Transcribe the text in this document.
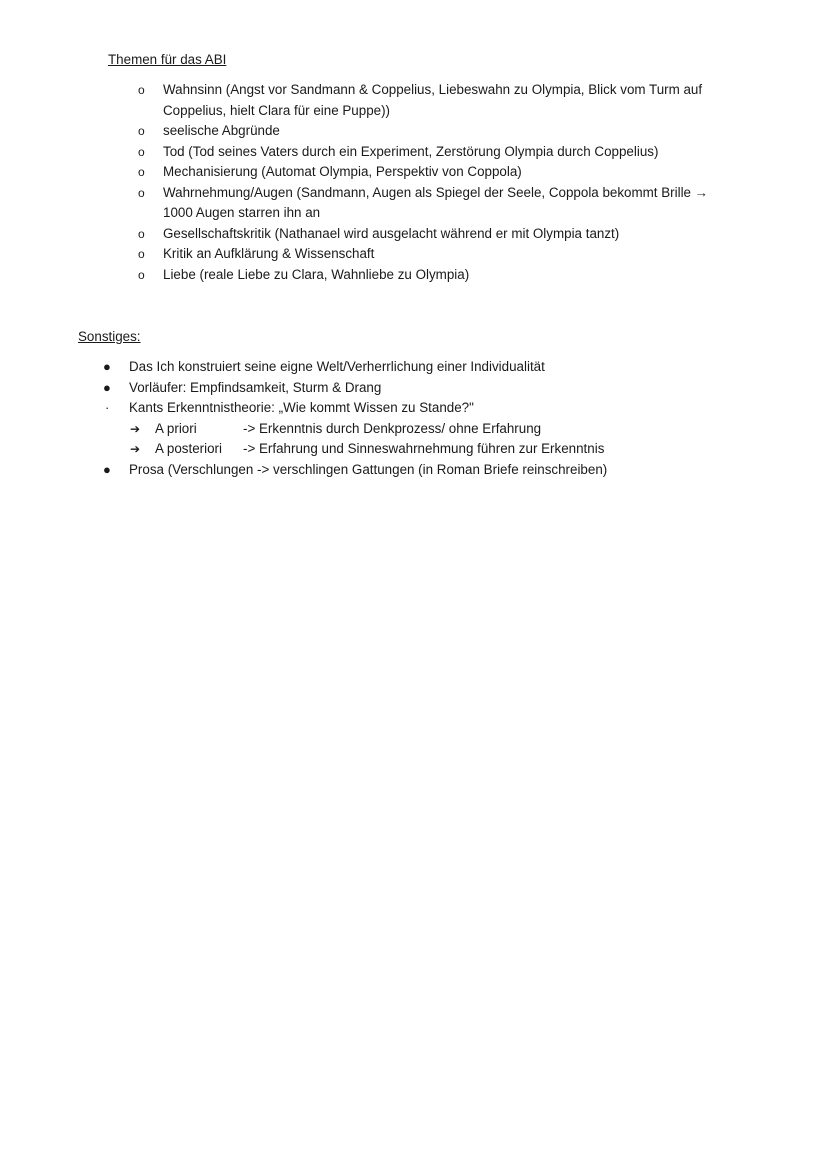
Themen für das ABI
o	Wahnsinn (Angst vor Sandmann & Coppelius, Liebeswahn zu Olympia, Blick vom Turm auf Coppelius, hielt Clara für eine Puppe))
o	seelische Abgründe
o	Tod (Tod seines Vaters durch ein Experiment, Zerstörung Olympia durch Coppelius)
o	Mechanisierung (Automat Olympia, Perspektiv von Coppola)
o	Wahrnehmung/Augen (Sandmann, Augen als Spiegel der Seele, Coppola bekommt Brille → 1000 Augen starren ihn an
o	Gesellschaftskritik (Nathanael wird ausgelacht während er mit Olympia tanzt)
o	Kritik an Aufklärung & Wissenschaft
o	Liebe (reale Liebe zu Clara, Wahnliebe zu Olympia)
Sonstiges:
●	Das Ich konstruiert seine eigne Welt/Verherrlichung einer Individualität
●	Vorläufer: Empfindsamkeit, Sturm & Drang
·	Kants Erkenntnistheorie: „Wie kommt Wissen zu Stande?"
➔ A priori	-> Erkenntnis durch Denkprozess/ ohne Erfahrung
➔ A posteriori -> Erfahrung und Sinneswahrnehmung führen zur Erkenntnis
●	Prosa (Verschlungen -> verschlingen Gattungen (in Roman Briefe reinschreiben)
